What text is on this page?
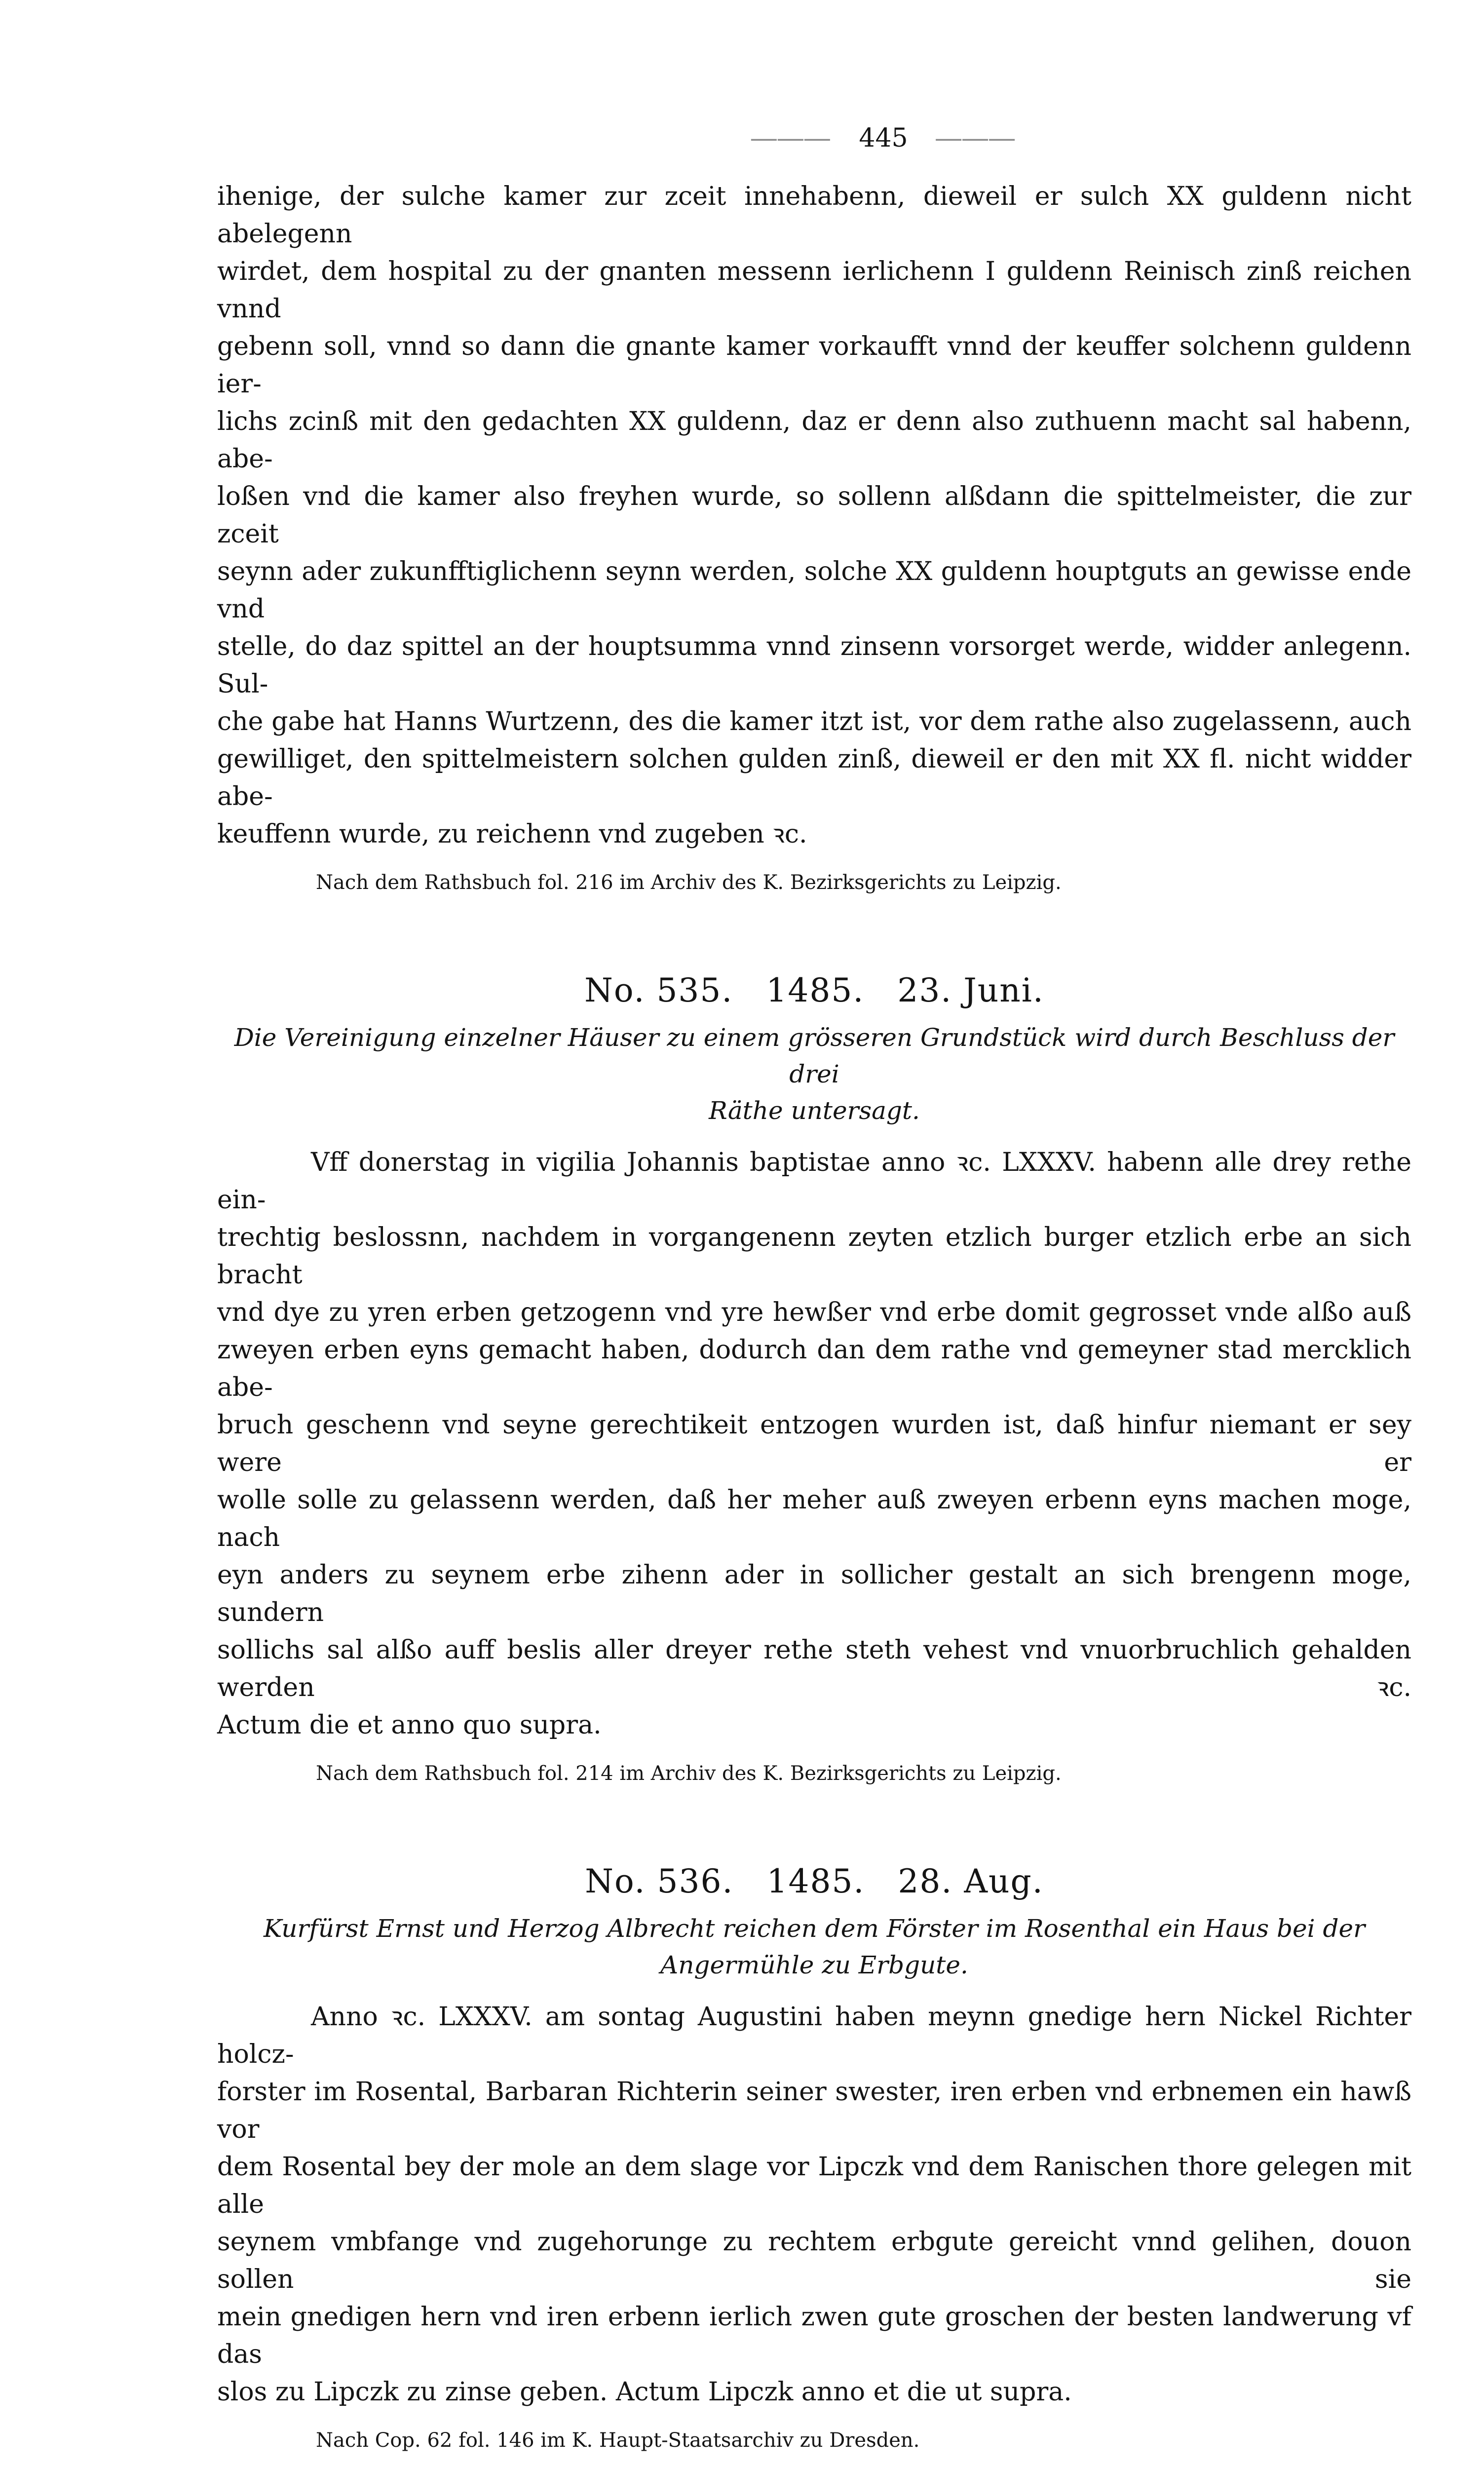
――― 445 ―――
ihenige, der sulche kamer zur zceit innehabenn, dieweil er sulch XX guldenn nicht abelegenn
wirdet, dem hospital zu der gnanten messenn ierlichenn I guldenn Reinisch zinß reichen vnnd
gebenn soll, vnnd so dann die gnante kamer vorkaufft vnnd der keuffer solchenn guldenn ier-
lichs zcinß mit den gedachten XX guldenn, daz er denn also zuthuenn macht sal habenn, abe-
loßen vnd die kamer also freyhen wurde, so sollenn alßdann die spittelmeister, die zur zceit
seynn ader zukunfftiglichenn seynn werden, solche XX guldenn houptguts an gewisse ende vnd
stelle, do daz spittel an der houptsumma vnnd zinsenn vorsorget werde, widder anlegenn. Sul-
che gabe hat Hanns Wurtzenn, des die kamer itzt ist, vor dem rathe also zugelassenn, auch
gewilliget, den spittelmeistern solchen gulden zinß, dieweil er den mit XX fl. nicht widder abe-
keuffenn wurde, zu reichenn vnd zugeben ꝛc.
Nach dem Rathsbuch fol. 216 im Archiv des K. Bezirksgerichts zu Leipzig.
No. 535. 1485. 23. Juni.
Die Vereinigung einzelner Häuser zu einem grösseren Grundstück wird durch Beschluss der drei
Räthe untersagt.
Vff donerstag in vigilia Johannis baptistae anno ꝛc. LXXXV. habenn alle drey rethe ein-
trechtig beslossnn, nachdem in vorgangenenn zeyten etzlich burger etzlich erbe an sich bracht
vnd dye zu yren erben getzogenn vnd yre hewßer vnd erbe domit gegrosset vnde alßo auß
zweyen erben eyns gemacht haben, dodurch dan dem rathe vnd gemeyner stad mercklich abe-
bruch geschenn vnd seyne gerechtikeit entzogen wurden ist, daß hinfur niemant er sey were er
wolle solle zu gelassenn werden, daß her meher auß zweyen erbenn eyns machen moge, nach
eyn anders zu seynem erbe zihenn ader in sollicher gestalt an sich brengenn moge, sundern
sollichs sal alßo auff beslis aller dreyer rethe steth vehest vnd vnuorbruchlich gehalden werden ꝛc.
Actum die et anno quo supra.
Nach dem Rathsbuch fol. 214 im Archiv des K. Bezirksgerichts zu Leipzig.
No. 536. 1485. 28. Aug.
Kurfürst Ernst und Herzog Albrecht reichen dem Förster im Rosenthal ein Haus bei der
Angermühle zu Erbgute.
Anno ꝛc. LXXXV. am sontag Augustini haben meynn gnedige hern Nickel Richter holcz-
forster im Rosental, Barbaran Richterin seiner swester, iren erben vnd erbnemen ein hawß vor
dem Rosental bey der mole an dem slage vor Lipczk vnd dem Ranischen thore gelegen mit alle
seynem vmbfange vnd zugehorunge zu rechtem erbgute gereicht vnnd gelihen, douon sollen sie
mein gnedigen hern vnd iren erbenn ierlich zwen gute groschen der besten landwerung vf das
slos zu Lipczk zu zinse geben. Actum Lipczk anno et die ut supra.
Nach Cop. 62 fol. 146 im K. Haupt-Staatsarchiv zu Dresden.
